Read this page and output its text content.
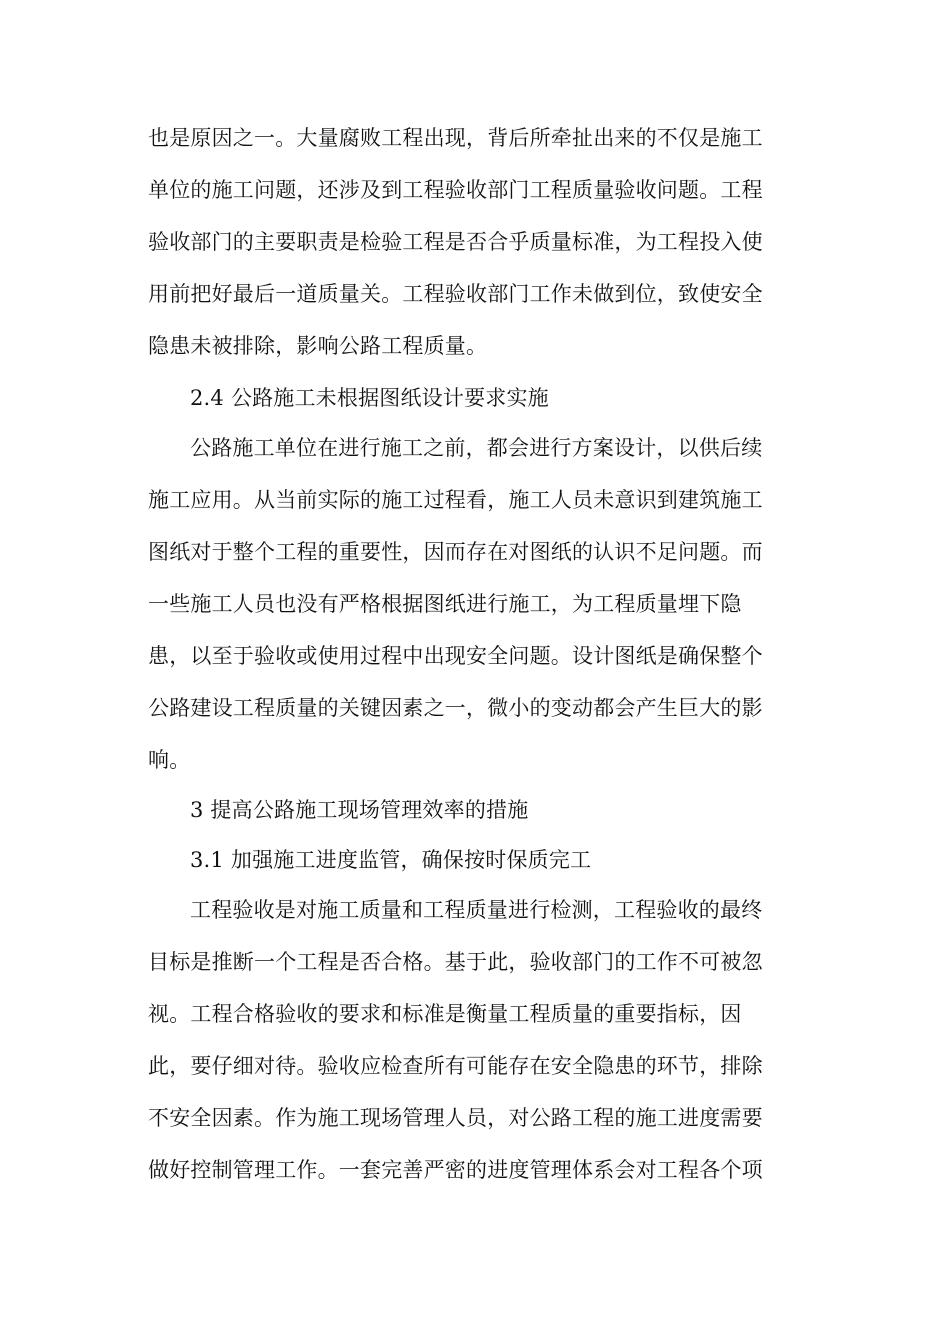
也是原因之一。大量腐败工程出现，背后所牵扯出来的不仅是施工
单位的施工问题，还涉及到工程验收部门工程质量验收问题。工程
验收部门的主要职责是检验工程是否合乎质量标准，为工程投入使
用前把好最后一道质量关。工程验收部门工作未做到位，致使安全
隐患未被排除，影响公路工程质量。
2.4 公路施工未根据图纸设计要求实施
公路施工单位在进行施工之前，都会进行方案设计，以供后续
施工应用。从当前实际的施工过程看，施工人员未意识到建筑施工
图纸对于整个工程的重要性，因而存在对图纸的认识不足问题。而
一些施工人员也没有严格根据图纸进行施工，为工程质量埋下隐
患，以至于验收或使用过程中出现安全问题。设计图纸是确保整个
公路建设工程质量的关键因素之一，微小的变动都会产生巨大的影
响。
3 提高公路施工现场管理效率的措施
3.1 加强施工进度监管，确保按时保质完工
工程验收是对施工质量和工程质量进行检测，工程验收的最终
目标是推断一个工程是否合格。基于此，验收部门的工作不可被忽
视。工程合格验收的要求和标准是衡量工程质量的重要指标，因
此，要仔细对待。验收应检查所有可能存在安全隐患的环节，排除
不安全因素。作为施工现场管理人员，对公路工程的施工进度需要
做好控制管理工作。一套完善严密的进度管理体系会对工程各个项
